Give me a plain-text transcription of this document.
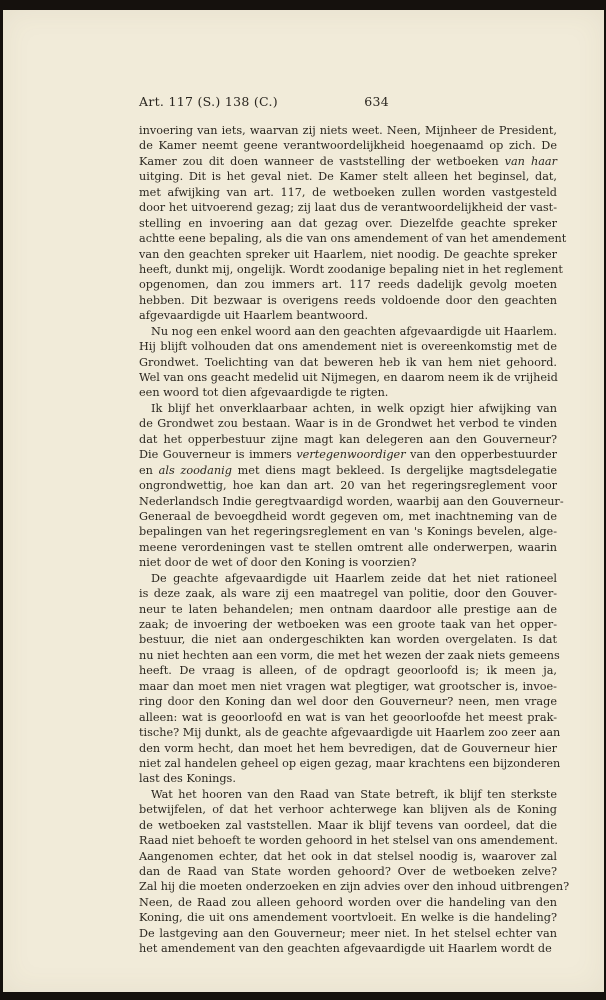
Art. 117 (S.) 138 (C.)	634
invoering van iets, waarvan zij niets weet. Neen, Mijnheer de President,
de Kamer neemt geene verantwoordelijkheid hoegenaamd op zich. De
Kamer zou dit doen wanneer de vaststelling der wetboeken van haar
uitging. Dit is het geval niet. De Kamer stelt alleen het beginsel, dat,
met afwijking van art. 117, de wetboeken zullen worden vastgesteld
door het uitvoerend gezag; zij laat dus de verantwoordelijkheid der vast-
stelling en invoering aan dat gezag over. Diezelfde geachte spreker
achtte eene bepaling, als die van ons amendement of van het amendement
van den geachten spreker uit Haarlem, niet noodig. De geachte spreker
heeft, dunkt mij, ongelijk. Wordt zoodanige bepaling niet in het reglement
opgenomen, dan zou immers art. 117 reeds dadelijk gevolg moeten
hebben. Dit bezwaar is overigens reeds voldoende door den geachten
afgevaardigde uit Haarlem beantwoord.
Nu nog een enkel woord aan den geachten afgevaardigde uit Haarlem.
Hij blijft volhouden dat ons amendement niet is overeenkomstig met de
Grondwet. Toelichting van dat beweren heb ik van hem niet gehoord.
Wel van ons geacht medelid uit Nijmegen, en daarom neem ik de vrijheid
een woord tot dien afgevaardigde te rigten.
Ik blijf het onverklaarbaar achten, in welk opzigt hier afwijking van
de Grondwet zou bestaan. Waar is in de Grondwet het verbod te vinden
dat het opperbestuur zijne magt kan delegeren aan den Gouverneur?
Die Gouverneur is immers vertegenwoordiger van den opperbestuurder
en als zoodanig met diens magt bekleed. Is dergelijke magtsdelegatie
ongrondwettig, hoe kan dan art. 20 van het regeringsreglement voor
Nederlandsch Indie geregtvaardigd worden, waarbij aan den Gouverneur-
Generaal de bevoegdheid wordt gegeven om, met inachtneming van de
bepalingen van het regeringsreglement en van 's Konings bevelen, alge-
meene verordeningen vast te stellen omtrent alle onderwerpen, waarin
niet door de wet of door den Koning is voorzien?
De geachte afgevaardigde uit Haarlem zeide dat het niet rationeel
is deze zaak, als ware zij een maatregel van politie, door den Gouver-
neur te laten behandelen; men ontnam daardoor alle prestige aan de
zaak; de invoering der wetboeken was een groote taak van het opper-
bestuur, die niet aan ondergeschikten kan worden overgelaten. Is dat
nu niet hechten aan een vorm, die met het wezen der zaak niets gemeens
heeft. De vraag is alleen, of de opdragt geoorloofd is; ik meen ja,
maar dan moet men niet vragen wat plegtiger, wat grootscher is, invoe-
ring door den Koning dan wel door den Gouverneur? neen, men vrage
alleen: wat is geoorloofd en wat is van het geoorloofde het meest prak-
tische? Mij dunkt, als de geachte afgevaardigde uit Haarlem zoo zeer aan
den vorm hecht, dan moet het hem bevredigen, dat de Gouverneur hier
niet zal handelen geheel op eigen gezag, maar krachtens een bijzonderen
last des Konings.
Wat het hooren van den Raad van State betreft, ik blijf ten sterkste
betwijfelen, of dat het verhoor achterwege kan blijven als de Koning
de wetboeken zal vaststellen. Maar ik blijf tevens van oordeel, dat die
Raad niet behoeft te worden gehoord in het stelsel van ons amendement.
Aangenomen echter, dat het ook in dat stelsel noodig is, waarover zal
dan de Raad van State worden gehoord? Over de wetboeken zelve?
Zal hij die moeten onderzoeken en zijn advies over den inhoud uitbrengen?
Neen, de Raad zou alleen gehoord worden over die handeling van den
Koning, die uit ons amendement voortvloeit. En welke is die handeling?
De lastgeving aan den Gouverneur; meer niet. In het stelsel echter van
het amendement van den geachten afgevaardigde uit Haarlem wordt de
